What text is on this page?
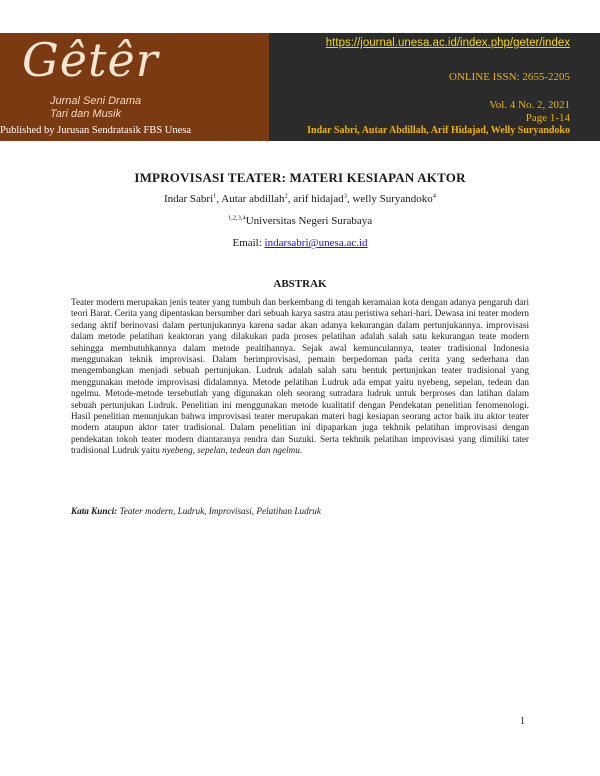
Gêtêr
Jurnal Seni Drama
Tari dan Musik
Published by Jurusan Sendratasik FBS Unesa
https://journal.unesa.ac.id/index.php/geter/index
ONLINE ISSN: 2655-2205
Vol. 4 No. 2, 2021
Page 1-14
Indar Sabri, Autar Abdillah, Arif Hidajad, Welly Suryandoko
IMPROVISASI TEATER: MATERI KESIAPAN AKTOR
Indar Sabri$^1$, Autar abdillah$^2$, arif hidajad$^3$, welly Suryandoko$^4$
$^{1,2,3,4}$Universitas Negeri Surabaya
Email: indarsabri@unesa.ac.id
ABSTRAK
Teater modern merupakan jenis teater yang tumbuh dan berkembang di tengah keramaian kota dengan adanya pengaruh dari teori Barat. Cerita yang dipentaskan bersumber dari sebuah karya sastra atau peristiwa sehari-hari. Dewasa ini teater modern sedang aktif berinovasi dalam pertunjukannya karena sadar akan adanya kekurangan dalam pertunjukannya. improvisasi dalam metode pelatihan keaktoran yang dilakukan pada proses pelatihan adalah salah satu kekurangan teate modern sehingga membutuhkannya dalam metode pealtihannya. Sejak awal kemunculannya, teater tradisional Indonesia menggunakan teknik improvisasi. Dalam berimprovisasi, pemain berpedoman pada cerita yang sederhana dan mengembangkan menjadi sebuah pertunjukan. Ludruk adalah salah satu bentuk pertunjukan teater tradisional yang menggunakan metode improvisasi didalamnya. Metode pelatihan Ludruk ada empat yaitu nyebeng, sepelan, tedean dan ngelmu. Metode-metode tersebutlah yang digunakan oleh seorang sutradara ludruk untuk berproses dan latihan dalam sebuah pertunjukan Ludruk. Penelitian ini menggunakan metode kualitatif dengan Pendekatan penelitian fenomenologi. Hasil penelitian menunjukan bahwa improvisasi teater merupakan materi bagi kesiapan seorang actor baik itu aktor teater modern ataupun aktor tater tradisional. Dalam penelitian ini dipaparkan juga tekhnik pelatihan improvisasi dengan pendekatan tokoh teater modern diantaranya rendra dan Suzuki. Serta tekhnik pelatihan improvisasi yang dimiliki tater tradisional Ludruk yaitu nyebeng, sepelan, tedean dan ngelmu.
Kata Kunci: Teater modern, Ludruk, Improvisasi, Pelatihan Ludruk
1
